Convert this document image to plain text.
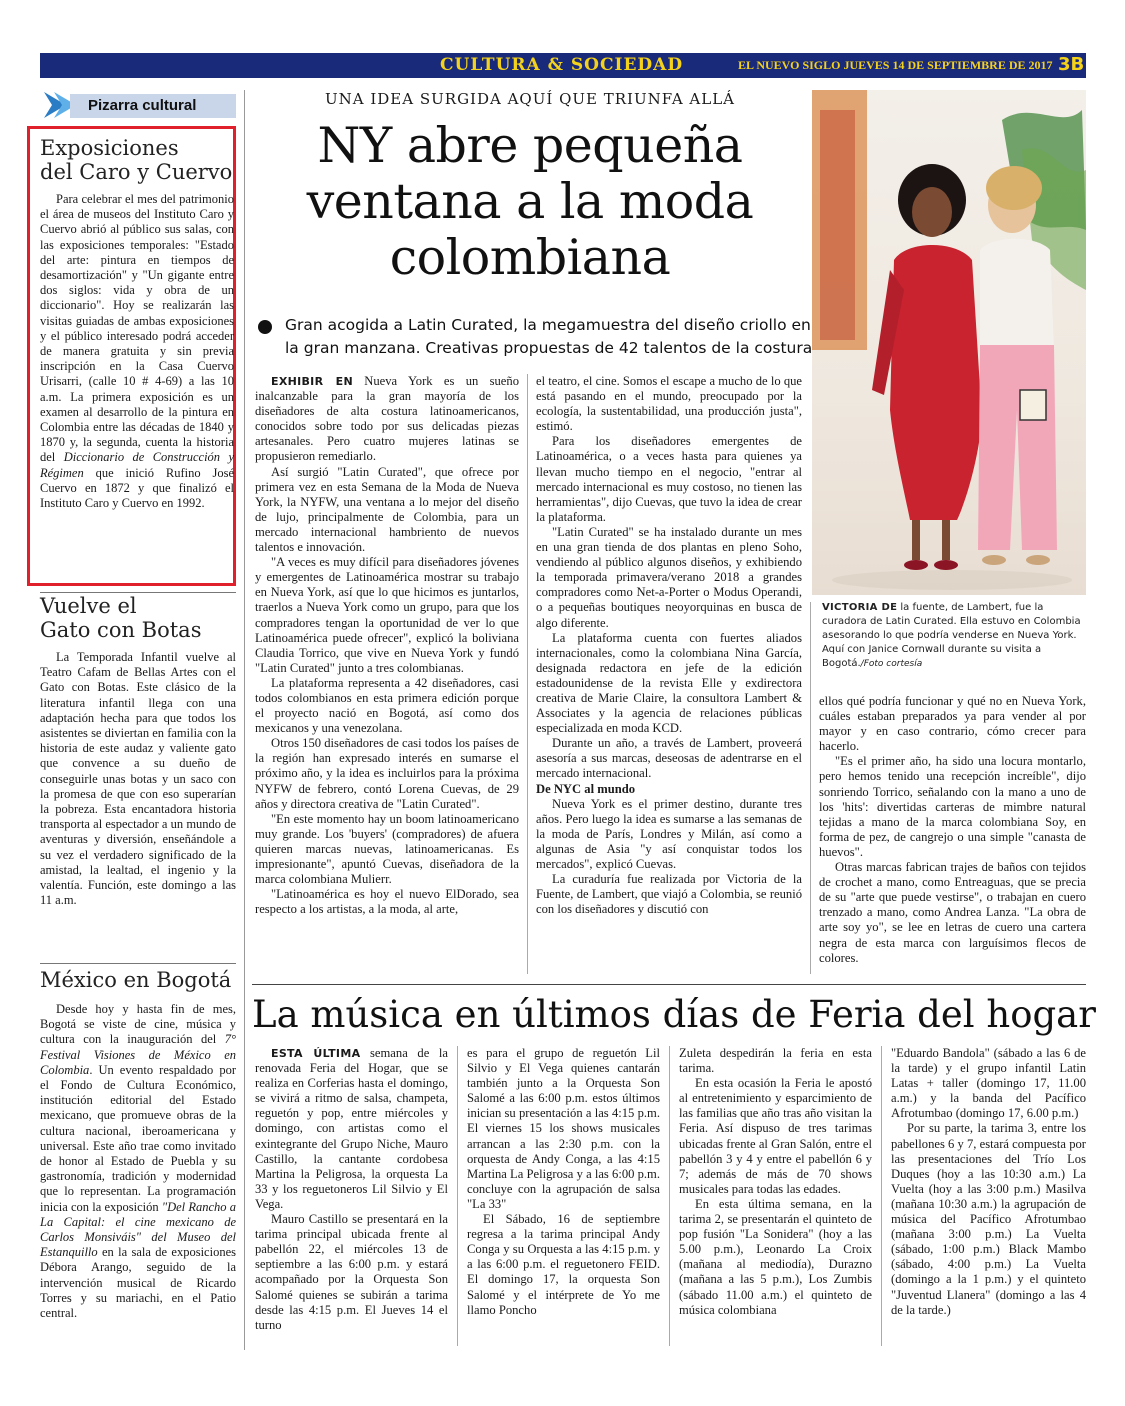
CULTURA & SOCIEDAD	EL NUEVO SIGLO JUEVES 14 DE SEPTIEMBRE DE 2017 3B
Pizarra cultural
Exposiciones
del Caro y Cuervo

Para celebrar el mes del patrimonio el área de museos del Instituto Caro y Cuervo abrió al público sus salas, con las exposiciones temporales: "Estado del arte: pintura en tiempos de desamortización" y "Un gigante entre dos siglos: vida y obra de un diccionario". Hoy se realizarán las visitas guiadas de ambas exposiciones y el público interesado podrá acceder de manera gratuita y sin previa inscripción en la Casa Cuervo Urisarri, (calle 10 # 4-69) a las 10 a.m. La primera exposición es un examen al desarrollo de la pintura en Colombia entre las décadas de 1840 y 1870 y, la segunda, cuenta la historia del Diccionario de Construcción y Régimen que inició Rufino José Cuervo en 1872 y que finalizó el Instituto Caro y Cuervo en 1992.

Vuelve el
Gato con Botas

La Temporada Infantil vuelve al Teatro Cafam de Bellas Artes con el Gato con Botas. Este clásico de la literatura infantil llega con una adaptación hecha para que todos los asistentes se diviertan en familia con la historia de este audaz y valiente gato que convence a su dueño de conseguirle unas botas y un saco con la promesa de que con eso superarían la pobreza. Esta encantadora historia transporta al espectador a un mundo de aventuras y diversión, enseñándole a su vez el verdadero significado de la amistad, la lealtad, el ingenio y la valentía. Función, este domingo a las 11 a.m.

México en Bogotá

Desde hoy y hasta fin de mes, Bogotá se viste de cine, música y cultura con la inauguración del 7° Festival Visiones de México en Colombia. Un evento respaldado por el Fondo de Cultura Económico, institución editorial del Estado mexicano, que promueve obras de la cultura nacional, iberoamericana y universal. Este año trae como invitado de honor al Estado de Puebla y su gastronomía, tradición y modernidad que lo representan. La programación inicia con la exposición "Del Rancho a La Capital: el cine mexicano de Carlos Monsiváis" del Museo del Estanquillo en la sala de exposiciones Débora Arango, seguido de la intervención musical de Ricardo Torres y su mariachi, en el Patio central.

UNA IDEA SURGIDA AQUÍ QUE TRIUNFA ALLÁ
NY abre pequeña
ventana a la moda
colombiana
Gran acogida a Latin Curated, la megamuestra del diseño criollo en la gran manzana. Creativas propuestas de 42 talentos de la costura

EXHIBIR EN Nueva York es un sueño inalcanzable para la gran mayoría de los diseñadores de alta costura latinoamericanos, conocidos sobre todo por sus delicadas piezas artesanales. Pero cuatro mujeres latinas se propusieron remediarlo.

Así surgió "Latin Curated", que ofrece por primera vez en esta Semana de la Moda de Nueva York, la NYFW, una ventana a lo mejor del diseño de lujo, principalmente de Colombia, para un mercado internacional hambriento de nuevos talentos e innovación.

"A veces es muy difícil para diseñadores jóvenes y emergentes de Latinoamérica mostrar su trabajo en Nueva York, así que lo que hicimos es juntarlos, traerlos a Nueva York como un grupo, para que los compradores tengan la oportunidad de ver lo que Latinoamérica puede ofrecer", explicó la boliviana Claudia Torrico, que vive en Nueva York y fundó "Latin Curated" junto a tres colombianas.

La plataforma representa a 42 diseñadores, casi todos colombianos en esta primera edición porque el proyecto nació en Bogotá, así como dos mexicanos y una venezolana.

Otros 150 diseñadores de casi todos los países de la región han expresado interés en sumarse el próximo año, y la idea es incluirlos para la próxima NYFW de febrero, contó Lorena Cuevas, de 29 años y directora creativa de "Latin Curated".

"En este momento hay un boom latinoamericano muy grande. Los 'buyers' (compradores) de afuera quieren marcas nuevas, latinoamericanas. Es impresionante", apuntó Cuevas, diseñadora de la marca colombiana Mulierr.

"Latinoamérica es hoy el nuevo ElDorado, sea respecto a los artistas, a la moda, al arte,

el teatro, el cine. Somos el escape a mucho de lo que está pasando en el mundo, preocupado por la ecología, la sustentabilidad, una producción justa", estimó.

Para los diseñadores emergentes de Latinoamérica, o a veces hasta para quienes ya llevan mucho tiempo en el negocio, "entrar al mercado internacional es muy costoso, no tienen las herramientas", dijo Cuevas, que tuvo la idea de crear la plataforma.

"Latin Curated" se ha instalado durante un mes en una gran tienda de dos plantas en pleno Soho, vendiendo al público algunos diseños, y exhibiendo la temporada primavera/verano 2018 a grandes compradores como Net-a-Porter o Modus Operandi, o a pequeñas boutiques neoyorquinas en busca de algo diferente.

La plataforma cuenta con fuertes aliados internacionales, como la colombiana Nina García, designada redactora en jefe de la edición estadounidense de la revista Elle y exdirectora creativa de Marie Claire, la consultora Lambert & Associates y la agencia de relaciones públicas especializada en moda KCD.

Durante un año, a través de Lambert, proveerá asesoría a sus marcas, deseosas de adentrarse en el mercado internacional.

De NYC al mundo

Nueva York es el primer destino, durante tres años. Pero luego la idea es sumarse a las semanas de la moda de París, Londres y Milán, así como a algunas de Asia "y así conquistar todos los mercados", explicó Cuevas.

La curaduría fue realizada por Victoria de la Fuente, de Lambert, que viajó a Colombia, se reunió con los diseñadores y discutió con

VICTORIA DE la fuente, de Lambert, fue la curadora de Latin Curated. Ella estuvo en Colombia asesorando lo que podría venderse en Nueva York. Aquí con Janice Cornwall durante su visita a Bogotá./Foto cortesía

ellos qué podría funcionar y qué no en Nueva York, cuáles estaban preparados ya para vender al por mayor y en caso contrario, cómo crecer para hacerlo.

"Es el primer año, ha sido una locura montarlo, pero hemos tenido una recepción increíble", dijo sonriendo Torrico, señalando con la mano a uno de los 'hits': divertidas carteras de mimbre natural tejidas a mano de la marca colombiana Soy, en forma de pez, de cangrejo o una simple "canasta de huevos".

Otras marcas fabrican trajes de baños con tejidos de crochet a mano, como Entreaguas, que se precia de su "arte que puede vestirse", o trabajan en cuero trenzado a mano, como Andrea Lanza. "La obra de arte soy yo", se lee en letras de cuero una cartera negra de esta marca con larguísimos flecos de colores.

La música en últimos días de Feria del hogar

ESTA ÚLTIMA semana de la renovada Feria del Hogar, que se realiza en Corferias hasta el domingo, se vivirá a ritmo de salsa, champeta, reguetón y pop, entre miércoles y domingo, con artistas como el exintegrante del Grupo Niche, Mauro Castillo, la cantante cordobesa Martina la Peligrosa, la orquesta La 33 y los reguetoneros Lil Silvio y El Vega.

Mauro Castillo se presentará en la tarima principal ubicada frente al pabellón 22, el miércoles 13 de septiembre a las 6:00 p.m. y estará acompañado por la Orquesta Son Salomé quienes se subirán a tarima desde las 4:15 p.m. El Jueves 14 el turno

es para el grupo de reguetón Lil Silvio y El Vega quienes cantarán también junto a la Orquesta Son Salomé a las 6:00 p.m. estos últimos inician su presentación a las 4:15 p.m. El viernes 15 los shows musicales arrancan a las 2:30 p.m. con la orquesta de Andy Conga, a las 4:15 Martina La Peligrosa y a las 6:00 p.m. concluye con la agrupación de salsa "La 33"

El Sábado, 16 de septiembre regresa a la tarima principal Andy Conga y su Orquesta a las 4:15 p.m. y a las 6:00 p.m. el reguetonero FEID. El domingo 17, la orquesta Son Salomé y el intérprete de Yo me llamo Poncho

Zuleta despedirán la feria en esta tarima.

En esta ocasión la Feria le apostó al entretenimiento y esparcimiento de las familias que año tras año visitan la Feria. Así dispuso de tres tarimas ubicadas frente al Gran Salón, entre el pabellón 3 y 4 y entre el pabellón 6 y 7; además de más de 70 shows musicales para todas las edades.

En esta última semana, en la tarima 2, se presentarán el quinteto de pop fusión "La Sonidera" (hoy a las 5.00 p.m.), Leonardo La Croix (mañana al mediodía), Durazno (mañana a las 5 p.m.), Los Zumbis (sábado 11.00 a.m.) el quinteto de música colombiana

"Eduardo Bandola" (sábado a las 6 de la tarde) y el grupo infantil Latin Latas + taller (domingo 17, 11.00 a.m.) y la banda del Pacífico Afrotumbao (domingo 17, 6.00 p.m.)

Por su parte, la tarima 3, entre los pabellones 6 y 7, estará compuesta por las presentaciones del Trío Los Duques (hoy a las 10:30 a.m.) La Vuelta (hoy a las 3:00 p.m.) Masilva (mañana 10:30 a.m.) la agrupación de música del Pacífico Afrotumbao (mañana 3:00 p.m.) La Vuelta (sábado, 1:00 p.m.) Black Mambo (sábado, 4:00 p.m.) La Vuelta (domingo a la 1 p.m.) y el quinteto "Juventud Llanera" (domingo a las 4 de la tarde.)
